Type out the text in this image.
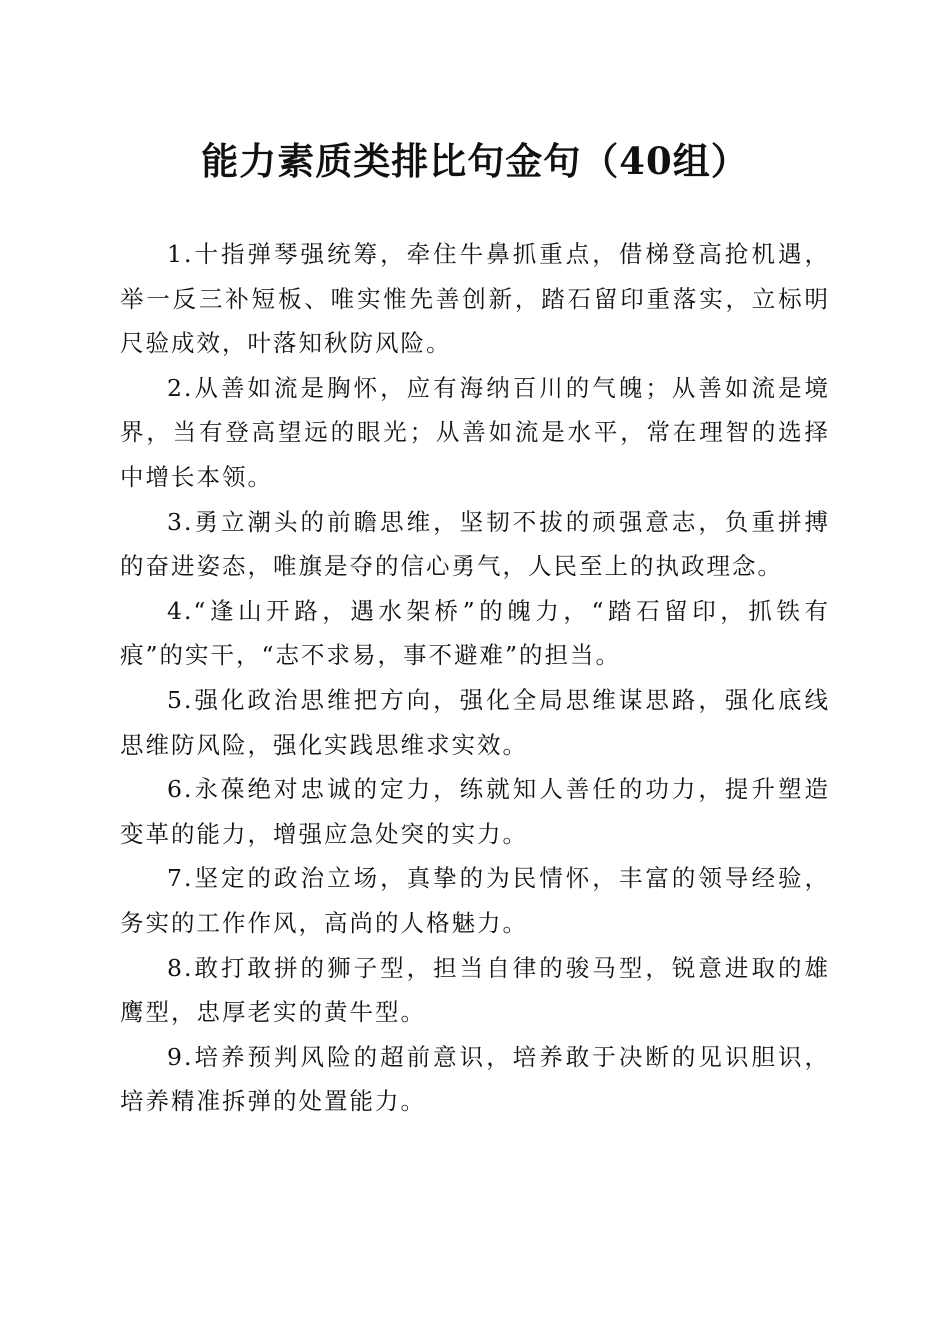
能力素质类排比句金句（40组）

1.十指弹琴强统筹，牵住牛鼻抓重点，借梯登高抢机遇，举一反三补短板、唯实惟先善创新，踏石留印重落实，立标明尺验成效，叶落知秋防风险。

2.从善如流是胸怀，应有海纳百川的气魄；从善如流是境界，当有登高望远的眼光；从善如流是水平，常在理智的选择中增长本领。

3.勇立潮头的前瞻思维，坚韧不拔的顽强意志，负重拼搏的奋进姿态，唯旗是夺的信心勇气，人民至上的执政理念。

4.“逢山开路，遇水架桥”的魄力，“踏石留印，抓铁有痕”的实干，“志不求易，事不避难”的担当。

5.强化政治思维把方向，强化全局思维谋思路，强化底线思维防风险，强化实践思维求实效。

6.永葆绝对忠诚的定力，练就知人善任的功力，提升塑造变革的能力，增强应急处突的实力。

7.坚定的政治立场，真挚的为民情怀，丰富的领导经验，务实的工作作风，高尚的人格魅力。

8.敢打敢拼的狮子型，担当自律的骏马型，锐意进取的雄鹰型，忠厚老实的黄牛型。

9.培养预判风险的超前意识，培养敢于决断的见识胆识，培养精准拆弹的处置能力。
